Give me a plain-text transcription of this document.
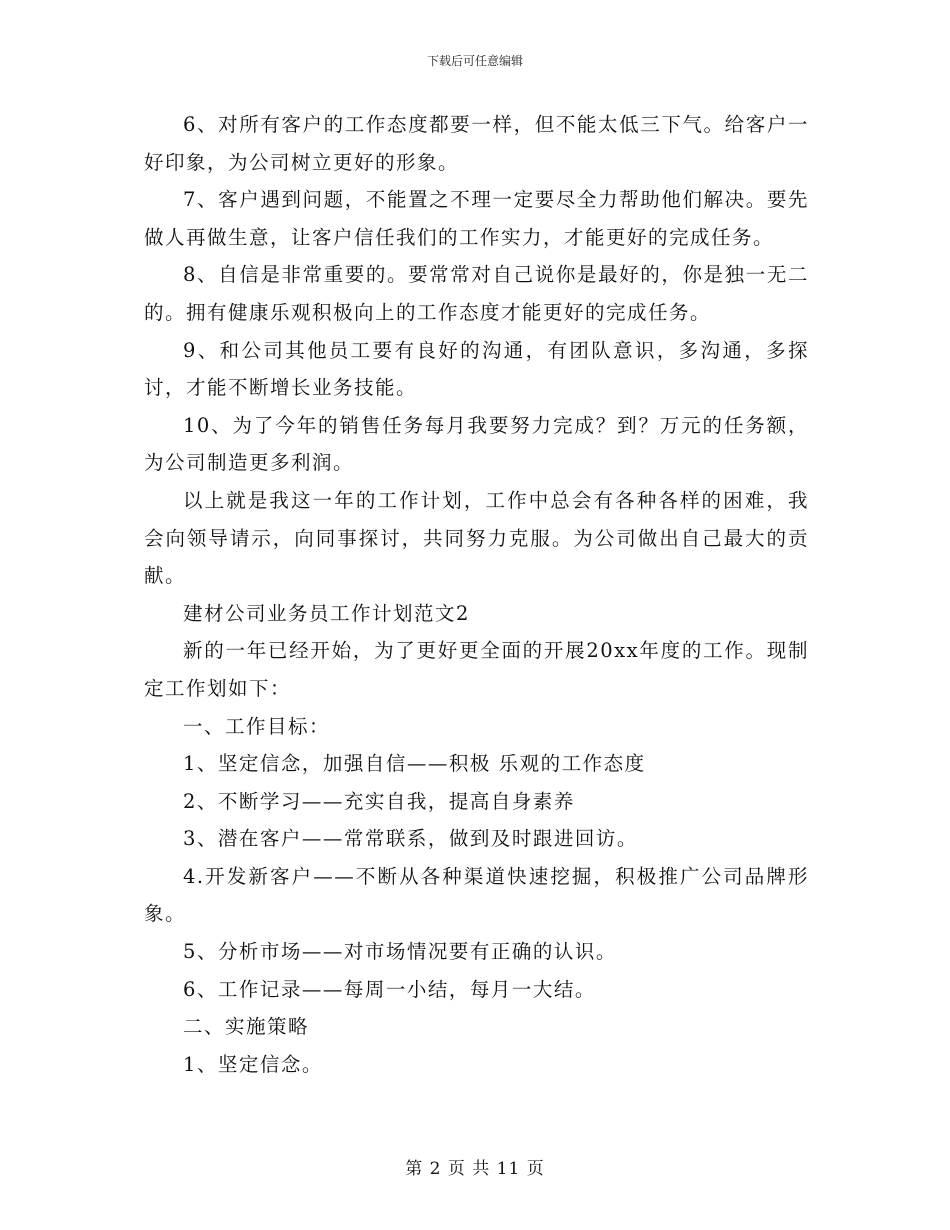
下载后可任意编辑

6、对所有客户的工作态度都要一样，但不能太低三下气。给客户一好印象，为公司树立更好的形象。

7、客户遇到问题，不能置之不理一定要尽全力帮助他们解决。要先做人再做生意，让客户信任我们的工作实力，才能更好的完成任务。

8、自信是非常重要的。要常常对自己说你是最好的，你是独一无二的。拥有健康乐观积极向上的工作态度才能更好的完成任务。

9、和公司其他员工要有良好的沟通，有团队意识，多沟通，多探讨，才能不断增长业务技能。

10、为了今年的销售任务每月我要努力完成？到？万元的任务额，为公司制造更多利润。

以上就是我这一年的工作计划，工作中总会有各种各样的困难，我会向领导请示，向同事探讨，共同努力克服。为公司做出自己最大的贡献。

建材公司业务员工作计划范文2

新的一年已经开始，为了更好更全面的开展20xx年度的工作。现制定工作划如下：

一、工作目标：

1、坚定信念，加强自信——积极 乐观的工作态度

2、不断学习——充实自我，提高自身素养

3、潜在客户——常常联系，做到及时跟进回访。

4.开发新客户——不断从各种渠道快速挖掘，积极推广公司品牌形象。

5、分析市场——对市场情况要有正确的认识。

6、工作记录——每周一小结，每月一大结。

二、实施策略

1、坚定信念。

第 2 页 共 11 页
